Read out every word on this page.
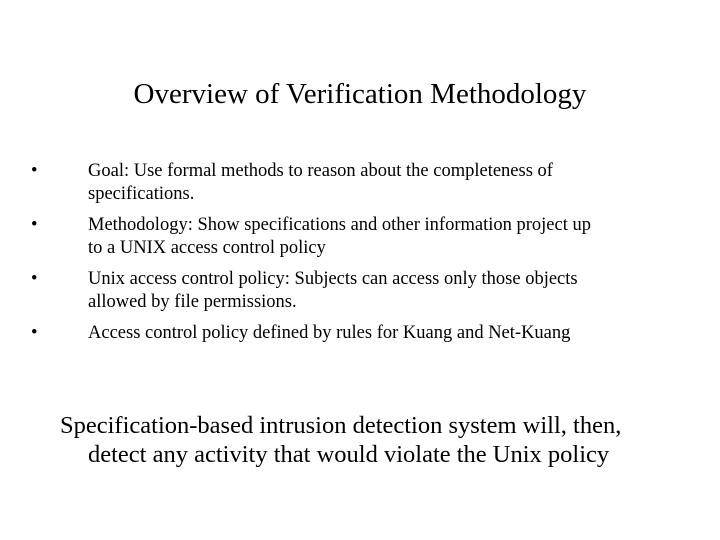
Overview of Verification Methodology
•	Goal: Use formal methods to reason about the completeness of
specifications.
•	Methodology: Show specifications and other information project up
to a UNIX access control policy
•	Unix access control policy: Subjects can access only those objects
allowed by file permissions.
•	Access control policy defined by rules for Kuang and Net-Kuang
Specification-based intrusion detection system will, then,
detect any activity that would violate the Unix policy
